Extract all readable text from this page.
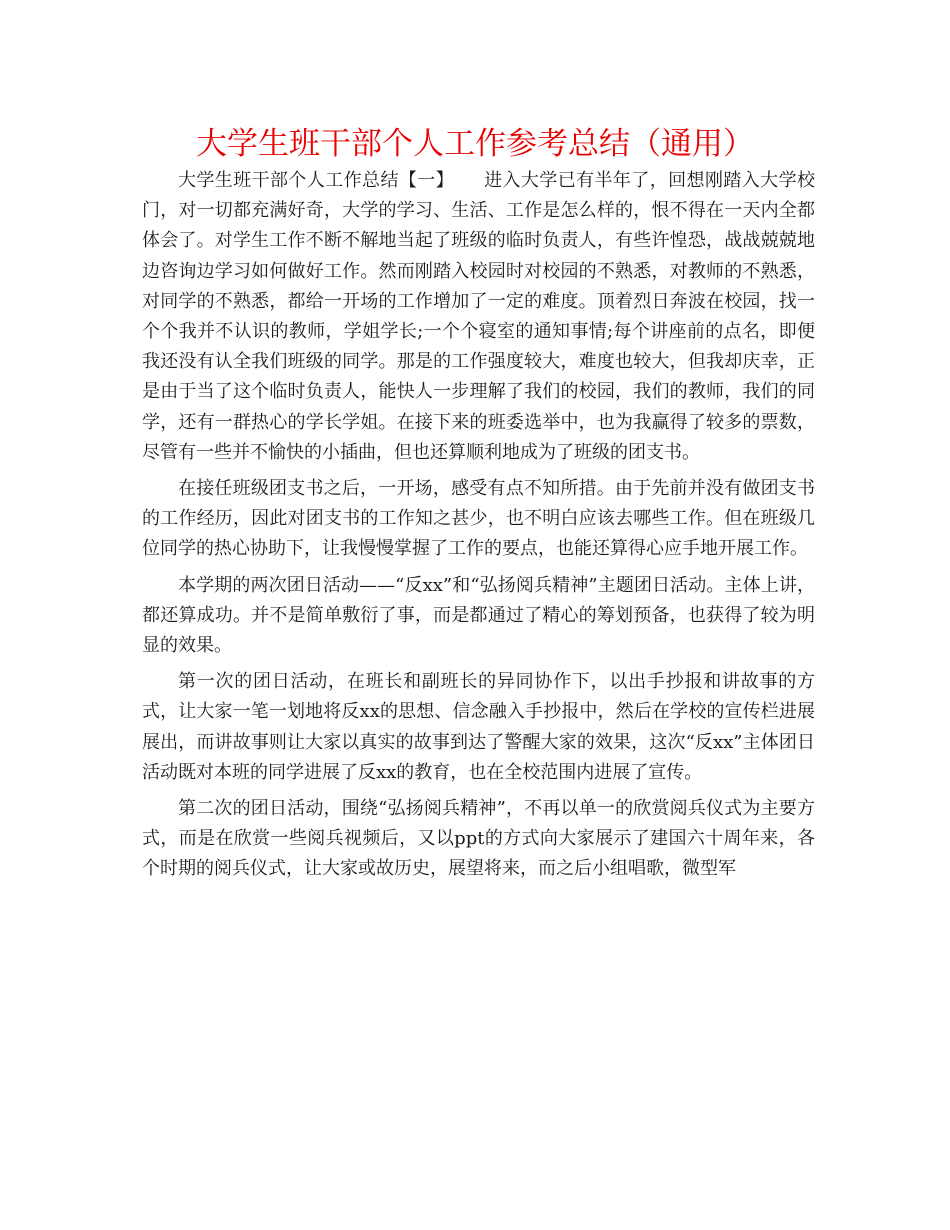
大学生班干部个人工作参考总结（通用）

大学生班干部个人工作总结【一】 进入大学已有半年了，回想刚踏入大学校门，对一切都充满好奇，大学的学习、生活、工作是怎么样的，恨不得在一天内全都体会了。对学生工作不断不解地当起了班级的临时负责人，有些许惶恐，战战兢兢地边咨询边学习如何做好工作。然而刚踏入校园时对校园的不熟悉，对教师的不熟悉，对同学的不熟悉，都给一开场的工作增加了一定的难度。顶着烈日奔波在校园，找一个个我并不认识的教师，学姐学长;一个个寝室的通知事情;每个讲座前的点名，即便我还没有认全我们班级的同学。那是的工作强度较大，难度也较大，但我却庆幸，正是由于当了这个临时负责人，能快人一步理解了我们的校园，我们的教师，我们的同学，还有一群热心的学长学姐。在接下来的班委选举中，也为我赢得了较多的票数，尽管有一些并不愉快的小插曲，但也还算顺利地成为了班级的团支书。

在接任班级团支书之后，一开场，感受有点不知所措。由于先前并没有做团支书的工作经历，因此对团支书的工作知之甚少，也不明白应该去哪些工作。但在班级几位同学的热心协助下，让我慢慢掌握了工作的要点，也能还算得心应手地开展工作。

本学期的两次团日活动——“反xx”和“弘扬阅兵精神”主题团日活动。主体上讲，都还算成功。并不是简单敷衍了事，而是都通过了精心的筹划预备，也获得了较为明显的效果。

第一次的团日活动，在班长和副班长的异同协作下，以出手抄报和讲故事的方式，让大家一笔一划地将反xx的思想、信念融入手抄报中，然后在学校的宣传栏进展展出，而讲故事则让大家以真实的故事到达了警醒大家的效果，这次“反xx”主体团日活动既对本班的同学进展了反xx的教育，也在全校范围内进展了宣传。

第二次的团日活动，围绕“弘扬阅兵精神”，不再以单一的欣赏阅兵仪式为主要方式，而是在欣赏一些阅兵视频后，又以ppt的方式向大家展示了建国六十周年来，各个时期的阅兵仪式，让大家或故历史，展望将来，而之后小组唱歌，微型军
